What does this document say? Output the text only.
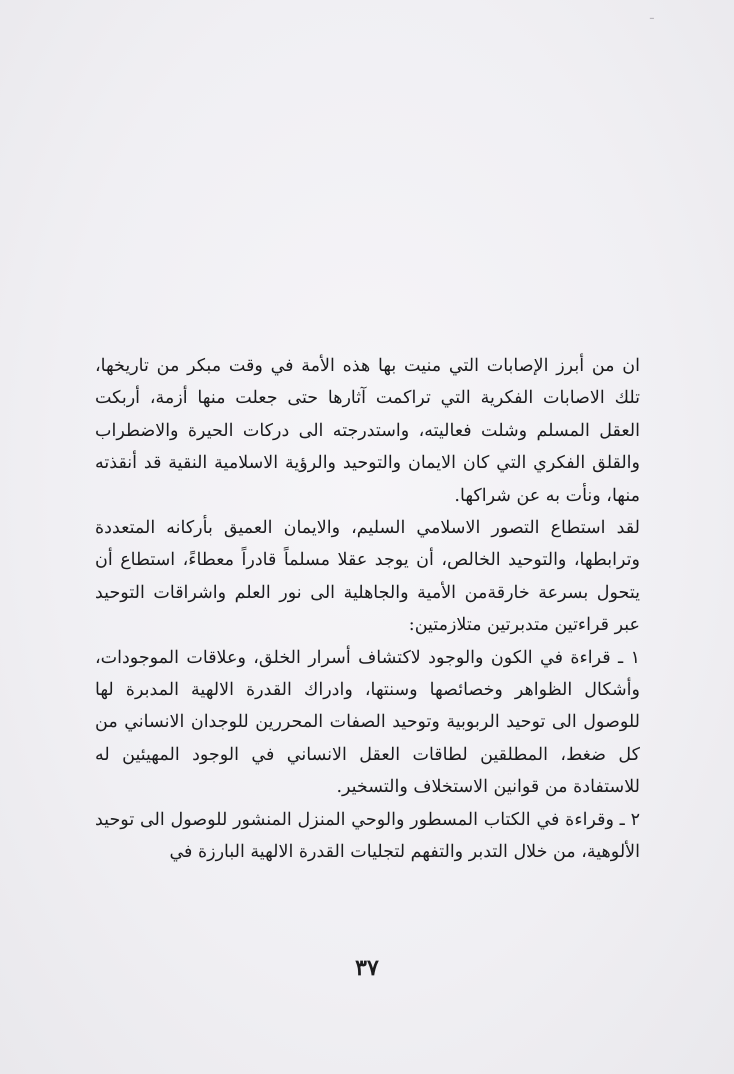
ـ

ان من أبرز الإصابات التي منيت بها هذه الأمة في وقت مبكر من تاريخها، تلك الاصابات الفكرية التي تراكمت آثارها حتى جعلت منها أزمة، أربكت العقل المسلم وشلت فعاليته، واستدرجته الى دركات الحيرة والاضطراب والقلق الفكري التي كان الايمان والتوحيد والرؤية الاسلامية النقية قد أنقذته منها، ونأت به عن شراكها.

لقد استطاع التصور الاسلامي السليم، والايمان العميق بأركانه المتعددة وترابطها، والتوحيد الخالص، أن يوجد عقلا مسلماً قادراً معطاءً، استطاع أن يتحول بسرعة خارقةمن الأمية والجاهلية الى نور العلم واشراقات التوحيد عبر قراءتين متدبرتين متلازمتين:

١ ـ قراءة في الكون والوجود لاكتشاف أسرار الخلق، وعلاقات الموجودات، وأشكال الظواهر وخصائصها وسنتها، وادراك القدرة الالهية المدبرة لها للوصول الى توحيد الربوبية وتوحيد الصفات المحررين للوجدان الانساني من كل ضغط، المطلقين لطاقات العقل الانساني في الوجود المهيئين له للاستفادة من قوانين الاستخلاف والتسخير.

٢ ـ وقراءة في الكتاب المسطور والوحي المنزل المنشور للوصول الى توحيد الألوهية، من خلال التدبر والتفهم لتجليات القدرة الالهية البارزة في

٣٧
